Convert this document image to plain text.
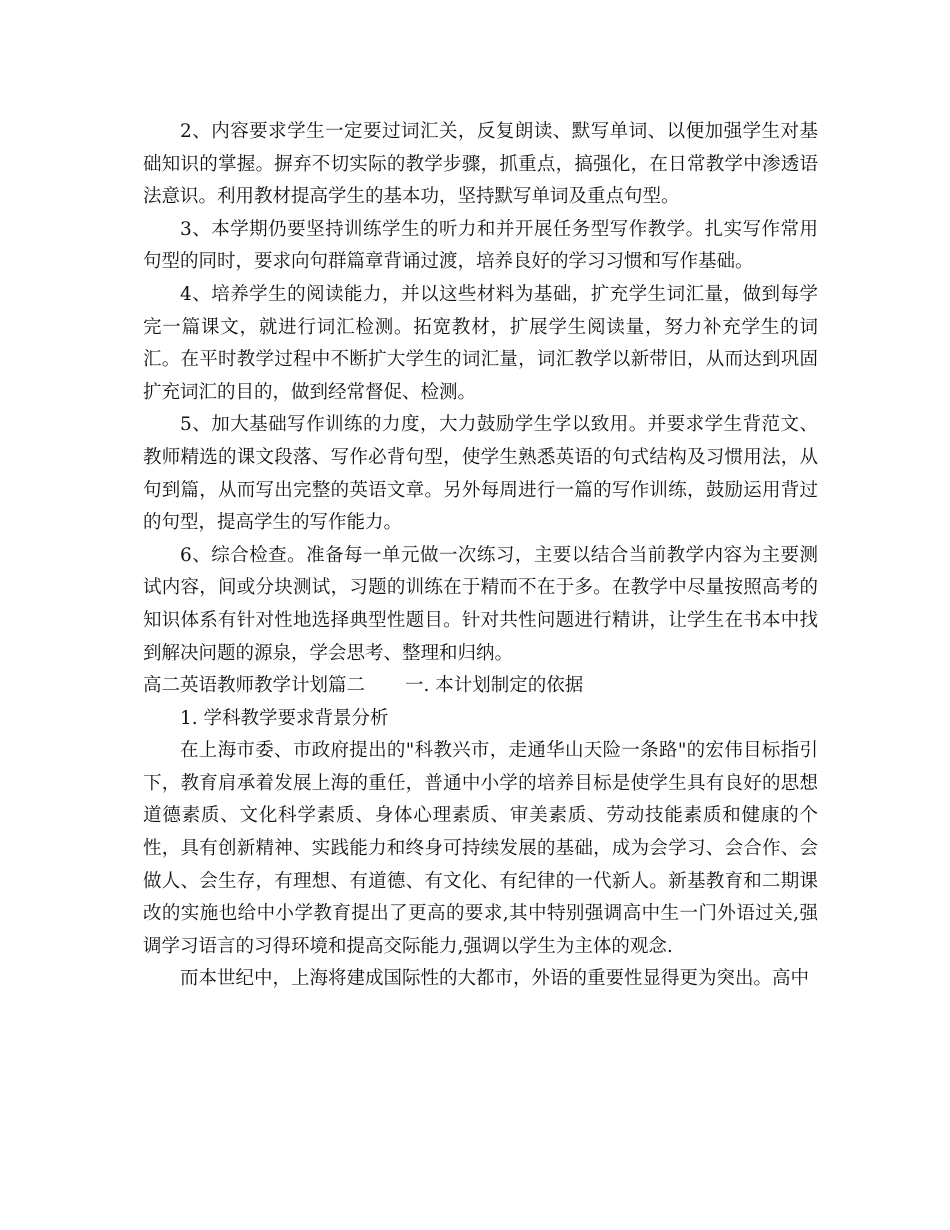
2、内容要求学生一定要过词汇关，反复朗读、默写单词、以便加强学生对基础知识的掌握。摒弃不切实际的教学步骤，抓重点，搞强化，在日常教学中渗透语法意识。利用教材提高学生的基本功，坚持默写单词及重点句型。

3、本学期仍要坚持训练学生的听力和并开展任务型写作教学。扎实写作常用句型的同时，要求向句群篇章背诵过渡，培养良好的学习习惯和写作基础。

4、培养学生的阅读能力，并以这些材料为基础，扩充学生词汇量，做到每学完一篇课文，就进行词汇检测。拓宽教材，扩展学生阅读量，努力补充学生的词汇。在平时教学过程中不断扩大学生的词汇量，词汇教学以新带旧，从而达到巩固扩充词汇的目的，做到经常督促、检测。

5、加大基础写作训练的力度，大力鼓励学生学以致用。并要求学生背范文、教师精选的课文段落、写作必背句型，使学生熟悉英语的句式结构及习惯用法，从句到篇，从而写出完整的英语文章。另外每周进行一篇的写作训练，鼓励运用背过的句型，提高学生的写作能力。

6、综合检查。准备每一单元做一次练习，主要以结合当前教学内容为主要测试内容，间或分块测试，习题的训练在于精而不在于多。在教学中尽量按照高考的知识体系有针对性地选择典型性题目。针对共性问题进行精讲，让学生在书本中找到解决问题的源泉，学会思考、整理和归纳。

高二英语教师教学计划篇二 一. 本计划制定的依据

1. 学科教学要求背景分析

在上海市委、市政府提出的"科教兴市，走通华山天险一条路"的宏伟目标指引下，教育肩承着发展上海的重任，普通中小学的培养目标是使学生具有良好的思想道德素质、文化科学素质、身体心理素质、审美素质、劳动技能素质和健康的个性，具有创新精神、实践能力和终身可持续发展的基础，成为会学习、会合作、会做人、会生存，有理想、有道德、有文化、有纪律的一代新人。新基教育和二期课改的实施也给中小学教育提出了更高的要求,其中特别强调高中生一门外语过关,强调学习语言的习得环境和提高交际能力,强调以学生为主体的观念.

而本世纪中，上海将建成国际性的大都市，外语的重要性显得更为突出。高中
